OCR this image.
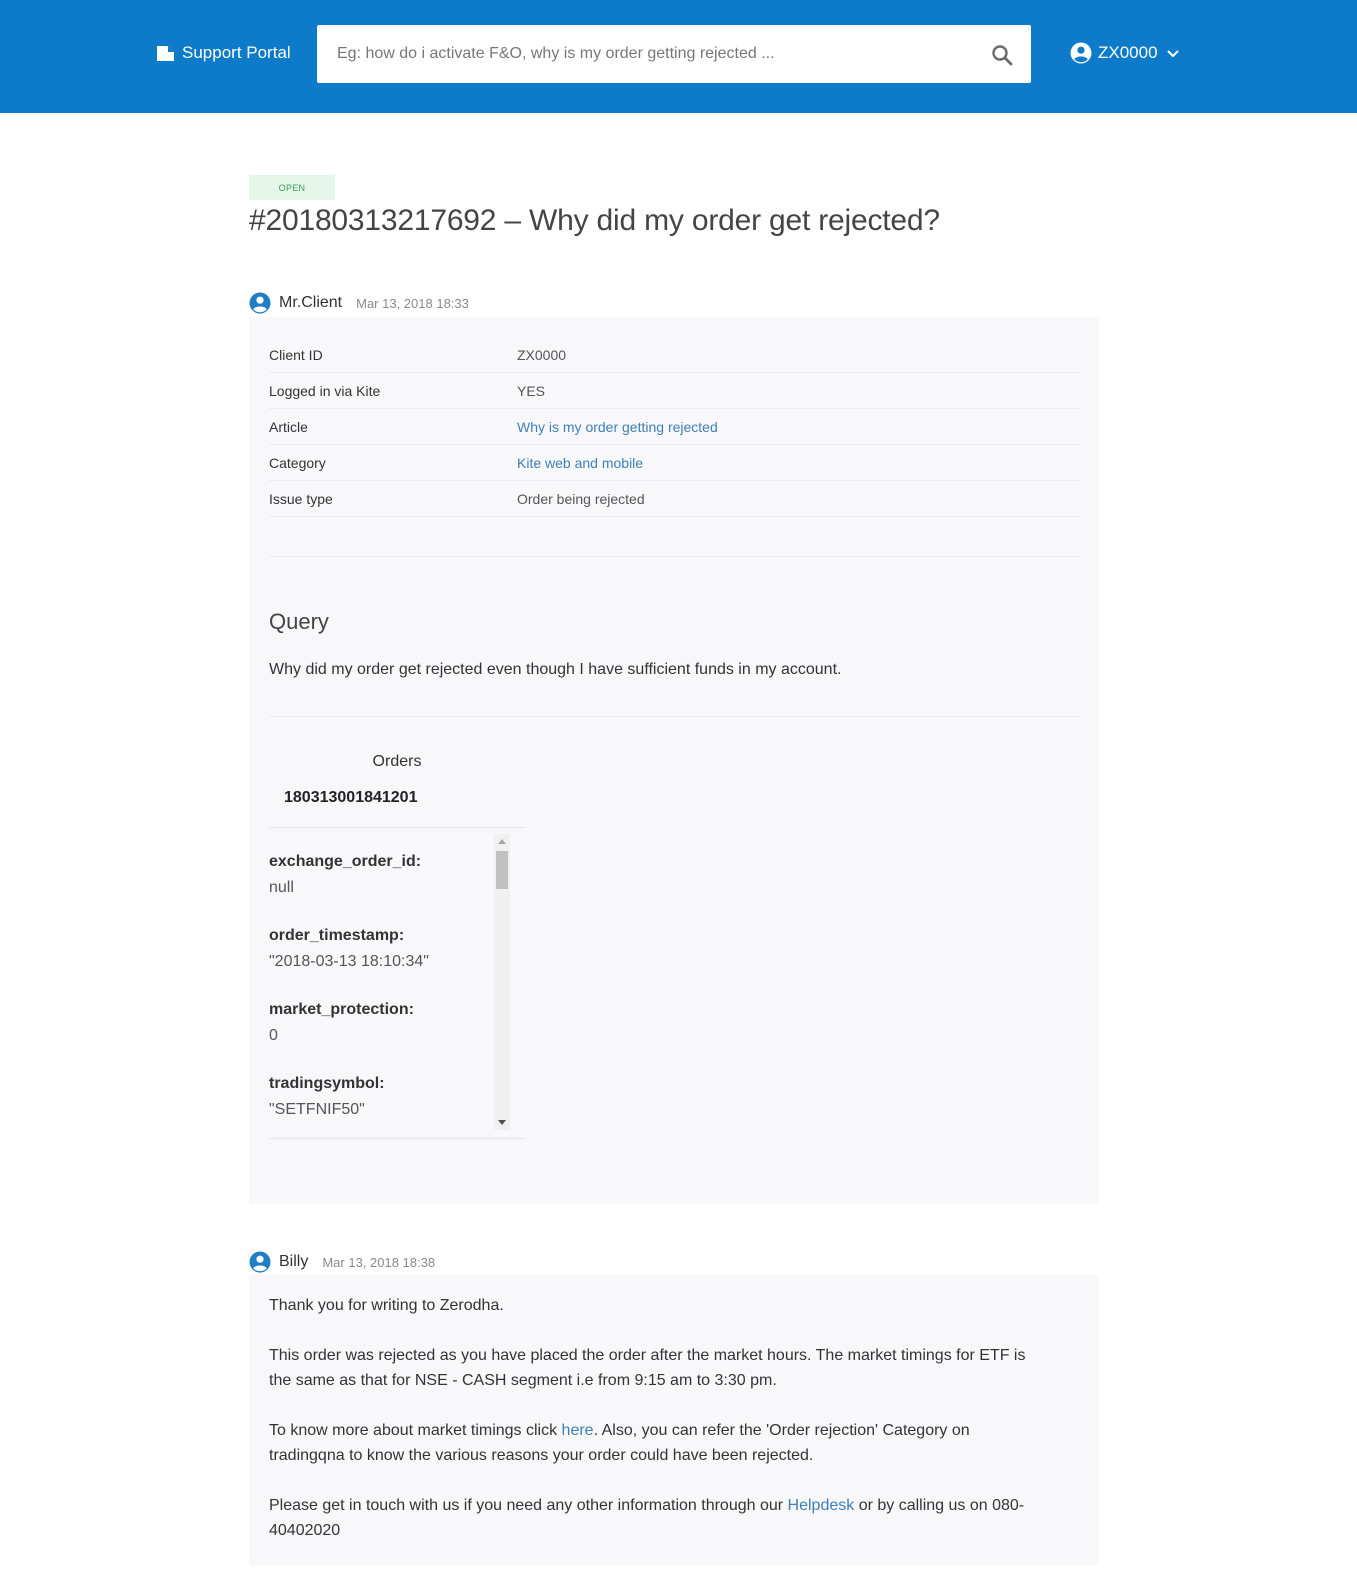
Support Portal
Eg: how do i activate F&O, why is my order getting rejected ...	ZX0000
OPEN
#20180313217692 – Why did my order get rejected?
Mr.Client Mar 13, 2018 18:33
Client ID	ZX0000
Logged in via Kite	YES
Article	Why is my order getting rejected
Category	Kite web and mobile
Issue type	Order being rejected
Query

Why did my order get rejected even though I have sufficient funds in my account.

Orders
180313001841201
exchange_order_id:
null
order_timestamp:
"2018-03-13 18:10:34"
market_protection:
0
tradingsymbol:
"SETFNIF50"
Billy Mar 13, 2018 18:38

Thank you for writing to Zerodha.

This order was rejected as you have placed the order after the market hours. The market timings for ETF is

the same as that for NSE - CASH segment i.e from 9:15 am to 3:30 pm.

To know more about market timings click here. Also, you can refer the 'Order rejection' Category on

tradingqna to know the various reasons your order could have been rejected.

Please get in touch with us if you need any other information through our Helpdesk or by calling us on 080-

40402020
